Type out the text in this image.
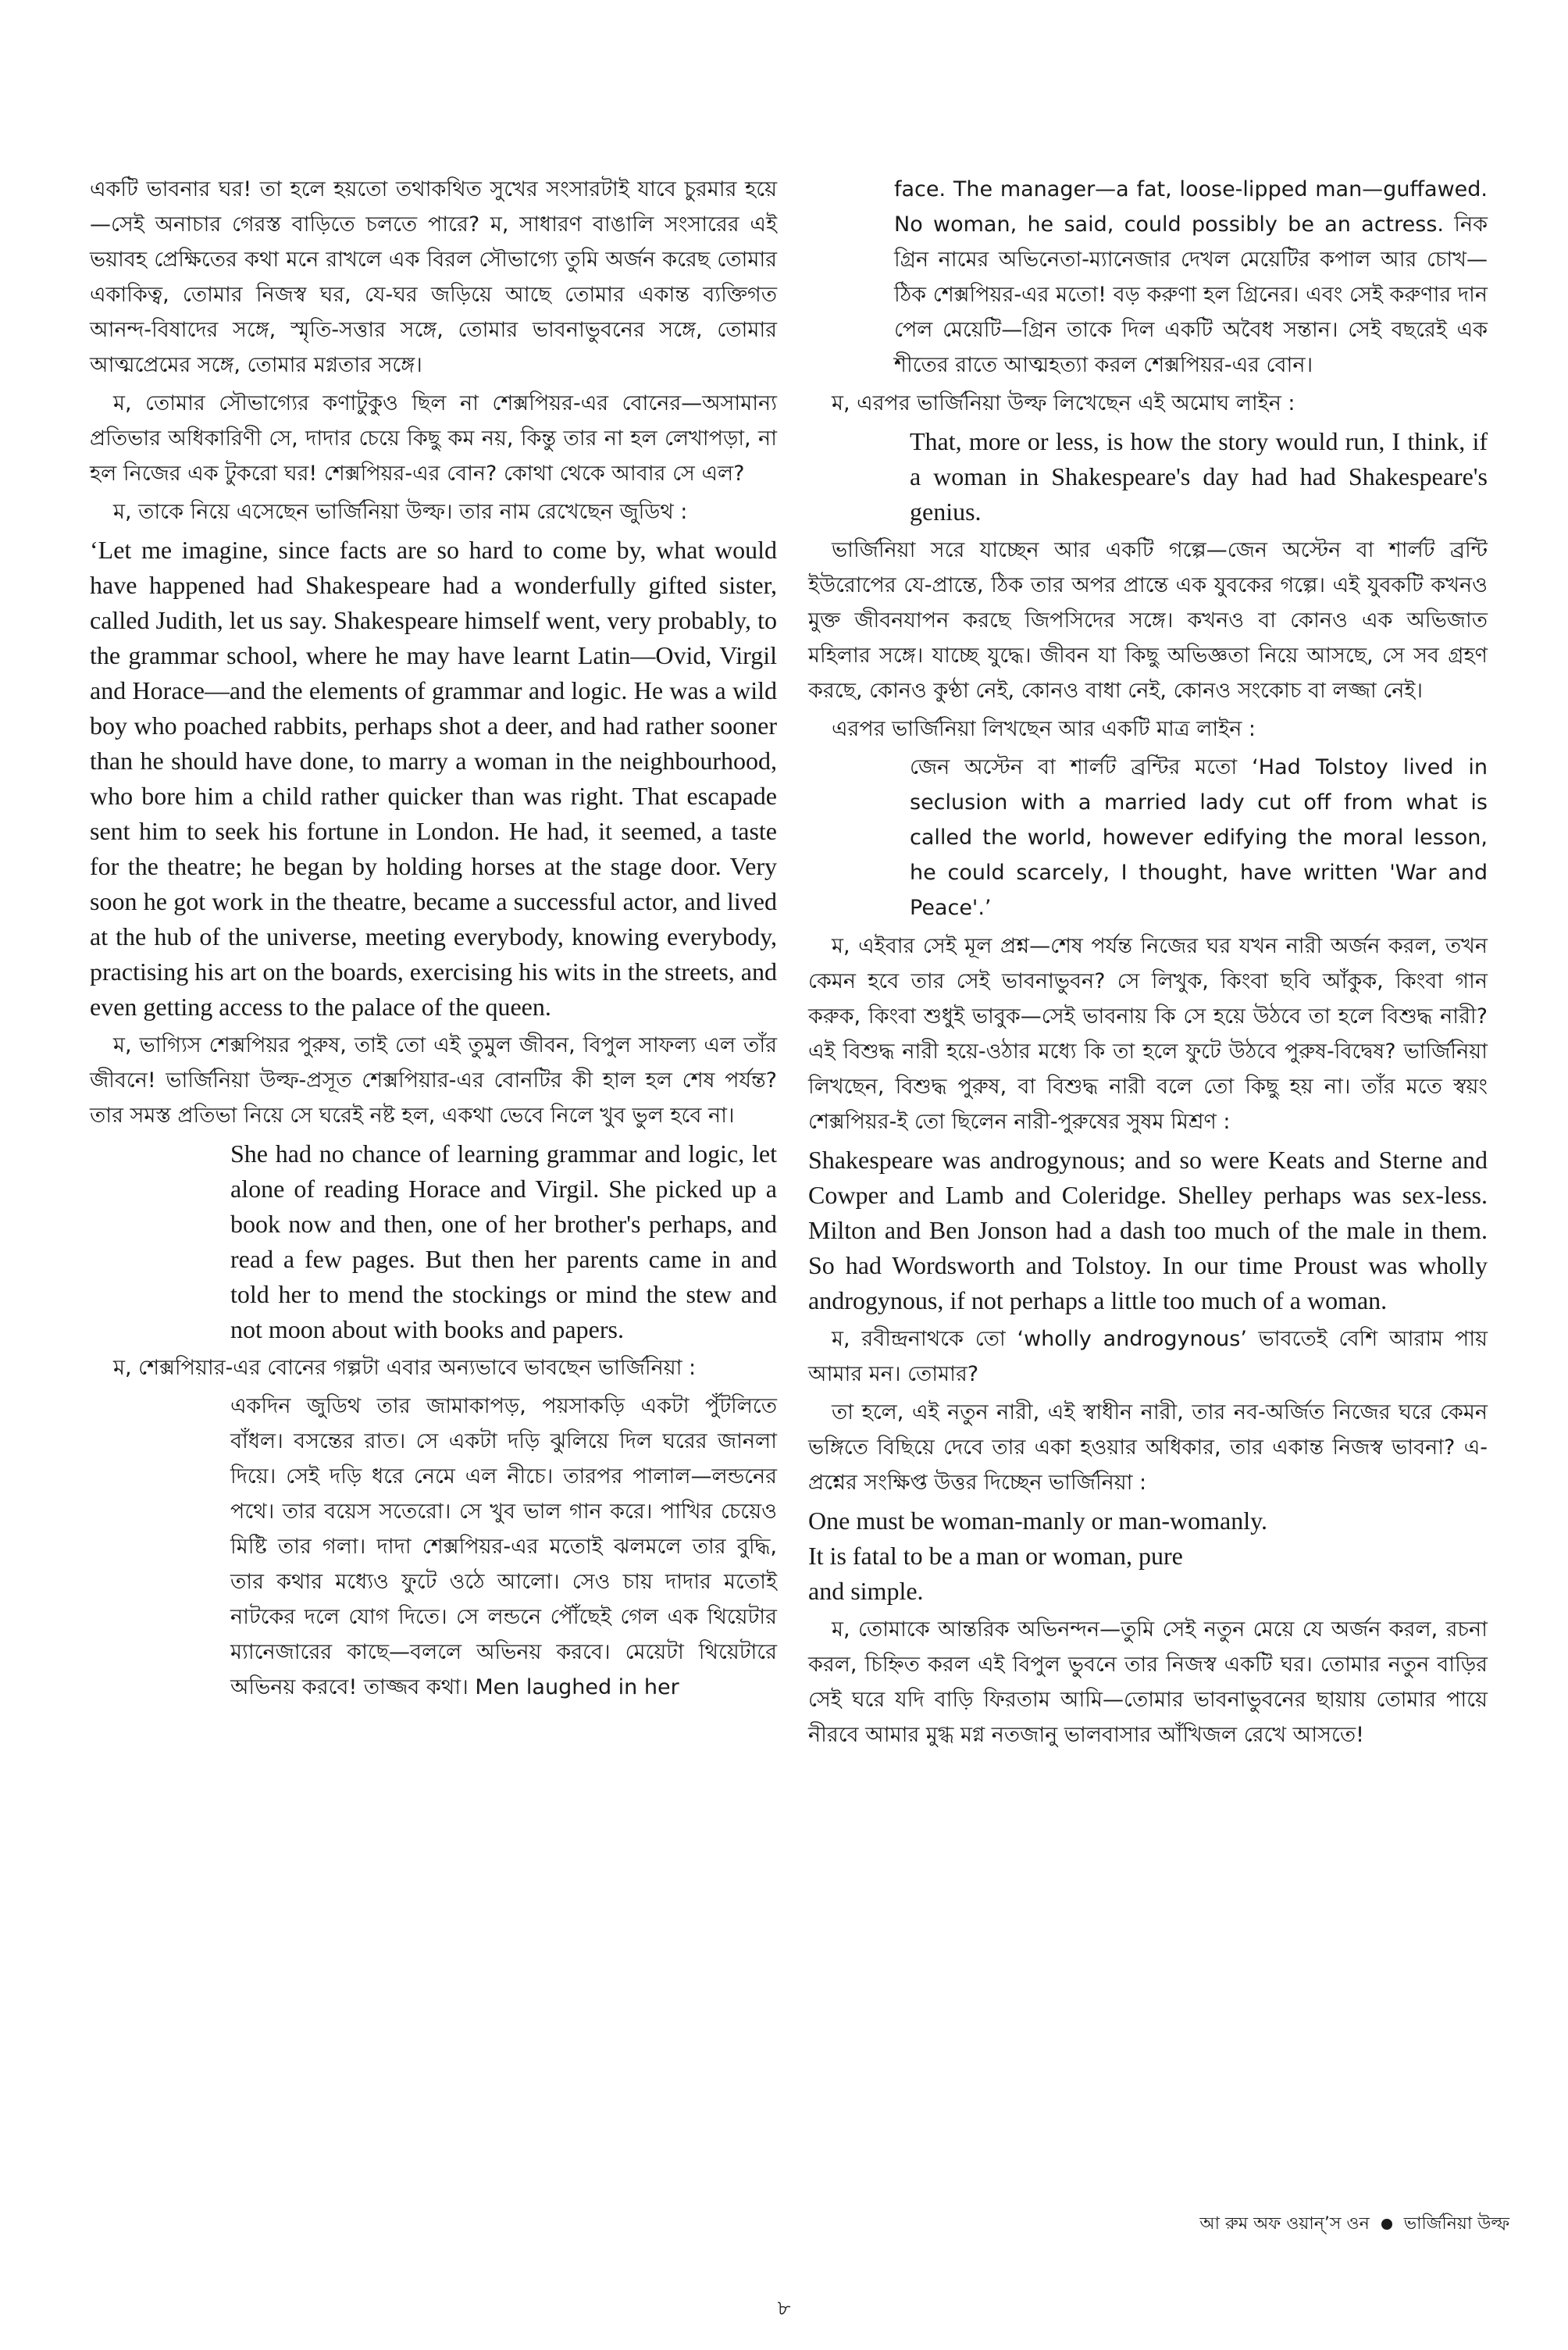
একটি ভাবনার ঘর! তা হলে হয়তো তথাকথিত সুখের সংসারটাই যাবে চুরমার হয়ে—সেই অনাচার গেরস্ত বাড়িতে চলতে পারে? ম, সাধারণ বাঙালি সংসারের এই ভয়াবহ প্রেক্ষিতের কথা মনে রাখলে এক বিরল সৌভাগ্যে তুমি অর্জন করেছ তোমার একাকিত্ব, তোমার নিজস্ব ঘর, যে-ঘর জড়িয়ে আছে তোমার একান্ত ব্যক্তিগত আনন্দ-বিষাদের সঙ্গে, স্মৃতি-সত্তার সঙ্গে, তোমার ভাবনাভুবনের সঙ্গে, তোমার আত্মপ্রেমের সঙ্গে, তোমার মগ্নতার সঙ্গে।

ম, তোমার সৌভাগ্যের কণাটুকুও ছিল না শেক্সপিয়র-এর বোনের—অসামান্য প্রতিভার অধিকারিণী সে, দাদার চেয়ে কিছু কম নয়, কিন্তু তার না হল লেখাপড়া, না হল নিজের এক টুকরো ঘর! শেক্সপিয়র-এর বোন? কোথা থেকে আবার সে এল?

ম, তাকে নিয়ে এসেছেন ভার্জিনিয়া উল্ফ। তার নাম রেখেছেন জুডিথ :

‘Let me imagine, since facts are so hard to come by, what would have happened had Shakespeare had a wonderfully gifted sister, called Judith, let us say. Shakespeare himself went, very probably, to the grammar school, where he may have learnt Latin—Ovid, Virgil and Horace—and the elements of grammar and logic. He was a wild boy who poached rabbits, perhaps shot a deer, and had rather sooner than he should have done, to marry a woman in the neighbourhood, who bore him a child rather quicker than was right. That escapade sent him to seek his fortune in London. He had, it seemed, a taste for the theatre; he began by holding horses at the stage door. Very soon he got work in the theatre, became a successful actor, and lived at the hub of the universe, meeting everybody, knowing everybody, practising his art on the boards, exercising his wits in the streets, and even getting access to the palace of the queen.

ম, ভাগ্যিস শেক্সপিয়র পুরুষ, তাই তো এই তুমুল জীবন, বিপুল সাফল্য এল তাঁর জীবনে! ভার্জিনিয়া উল্ফ-প্রসূত শেক্সপিয়ার-এর বোনটির কী হাল হল শেষ পর্যন্ত? তার সমস্ত প্রতিভা নিয়ে সে ঘরেই নষ্ট হল, একথা ভেবে নিলে খুব ভুল হবে না।

She had no chance of learning grammar and logic, let alone of reading Horace and Virgil. She picked up a book now and then, one of her brother's perhaps, and read a few pages. But then her parents came in and told her to mend the stockings or mind the stew and not moon about with books and papers.

ম, শেক্সপিয়ার-এর বোনের গল্পটা এবার অন্যভাবে ভাবছেন ভার্জিনিয়া :

একদিন জুডিথ তার জামাকাপড়, পয়সাকড়ি একটা পুঁটলিতে বাঁধল। বসন্তের রাত। সে একটা দড়ি ঝুলিয়ে দিল ঘরের জানলা দিয়ে। সেই দড়ি ধরে নেমে এল নীচে। তারপর পালাল—লন্ডনের পথে। তার বয়েস সতেরো। সে খুব ভাল গান করে। পাখির চেয়েও মিষ্টি তার গলা। দাদা শেক্সপিয়র-এর মতোই ঝলমলে তার বুদ্ধি, তার কথার মধ্যেও ফুটে ওঠে আলো। সেও চায় দাদার মতোই নাটকের দলে যোগ দিতে। সে লন্ডনে পৌঁছেই গেল এক থিয়েটার ম্যানেজারের কাছে—বললে অভিনয় করবে। মেয়েটা থিয়েটারে অভিনয় করবে! তাজ্জব কথা। Men laughed in her

face. The manager—a fat, loose-lipped man—guffawed. No woman, he said, could possibly be an actress. নিক গ্রিন নামের অভিনেতা-ম্যানেজার দেখল মেয়েটির কপাল আর চোখ—ঠিক শেক্সপিয়র-এর মতো! বড় করুণা হল গ্রিনের। এবং সেই করুণার দান পেল মেয়েটি—গ্রিন তাকে দিল একটি অবৈধ সন্তান। সেই বছরেই এক শীতের রাতে আত্মহত্যা করল শেক্সপিয়র-এর বোন।

ম, এরপর ভার্জিনিয়া উল্ফ লিখেছেন এই অমোঘ লাইন :

That, more or less, is how the story would run, I think, if a woman in Shakespeare's day had had Shakespeare's genius.

ভার্জিনিয়া সরে যাচ্ছেন আর একটি গল্পে—জেন অস্টেন বা শার্লট ব্রন্টি ইউরোপের যে-প্রান্তে, ঠিক তার অপর প্রান্তে এক যুবকের গল্পে। এই যুবকটি কখনও মুক্ত জীবনযাপন করছে জিপসিদের সঙ্গে। কখনও বা কোনও এক অভিজাত মহিলার সঙ্গে। যাচ্ছে যুদ্ধে। জীবন যা কিছু অভিজ্ঞতা নিয়ে আসছে, সে সব গ্রহণ করছে, কোনও কুণ্ঠা নেই, কোনও বাধা নেই, কোনও সংকোচ বা লজ্জা নেই।

এরপর ভার্জিনিয়া লিখছেন আর একটি মাত্র লাইন :

জেন অস্টেন বা শার্লট ব্রন্টির মতো ‘Had Tolstoy lived in seclusion with a married lady cut off from what is called the world, however edifying the moral lesson, he could scarcely, I thought, have written 'War and Peace'.’

ম, এইবার সেই মূল প্রশ্ন—শেষ পর্যন্ত নিজের ঘর যখন নারী অর্জন করল, তখন কেমন হবে তার সেই ভাবনাভুবন? সে লিখুক, কিংবা ছবি আঁকুক, কিংবা গান করুক, কিংবা শুধুই ভাবুক—সেই ভাবনায় কি সে হয়ে উঠবে তা হলে বিশুদ্ধ নারী? এই বিশুদ্ধ নারী হয়ে-ওঠার মধ্যে কি তা হলে ফুটে উঠবে পুরুষ-বিদ্বেষ? ভার্জিনিয়া লিখছেন, বিশুদ্ধ পুরুষ, বা বিশুদ্ধ নারী বলে তো কিছু হয় না। তাঁর মতে স্বয়ং শেক্সপিয়র-ই তো ছিলেন নারী-পুরুষের সুষম মিশ্রণ :

Shakespeare was androgynous; and so were Keats and Sterne and Cowper and Lamb and Coleridge. Shelley perhaps was sex-less. Milton and Ben Jonson had a dash too much of the male in them. So had Wordsworth and Tolstoy. In our time Proust was wholly androgynous, if not perhaps a little too much of a woman.

ম, রবীন্দ্রনাথকে তো ‘wholly androgynous’ ভাবতেই বেশি আরাম পায় আমার মন। তোমার?

তা হলে, এই নতুন নারী, এই স্বাধীন নারী, তার নব-অর্জিত নিজের ঘরে কেমন ভঙ্গিতে বিছিয়ে দেবে তার একা হওয়ার অধিকার, তার একান্ত নিজস্ব ভাবনা? এ-প্রশ্নের সংক্ষিপ্ত উত্তর দিচ্ছেন ভার্জিনিয়া :

One must be woman-manly or man-womanly.

It is fatal to be a man or woman, pure

and simple.

ম, তোমাকে আন্তরিক অভিনন্দন—তুমি সেই নতুন মেয়ে যে অর্জন করল, রচনা করল, চিহ্নিত করল এই বিপুল ভুবনে তার নিজস্ব একটি ঘর। তোমার নতুন বাড়ির সেই ঘরে যদি বাড়ি ফিরতাম আমি—তোমার ভাবনাভুবনের ছায়ায় তোমার পায়ে নীরবে আমার মুগ্ধ মগ্ন নতজানু ভালবাসার আঁখিজল রেখে আসতে!

আ রুম অফ ওয়ান্‌’স ওন ভার্জিনিয়া উল্ফ
৮
